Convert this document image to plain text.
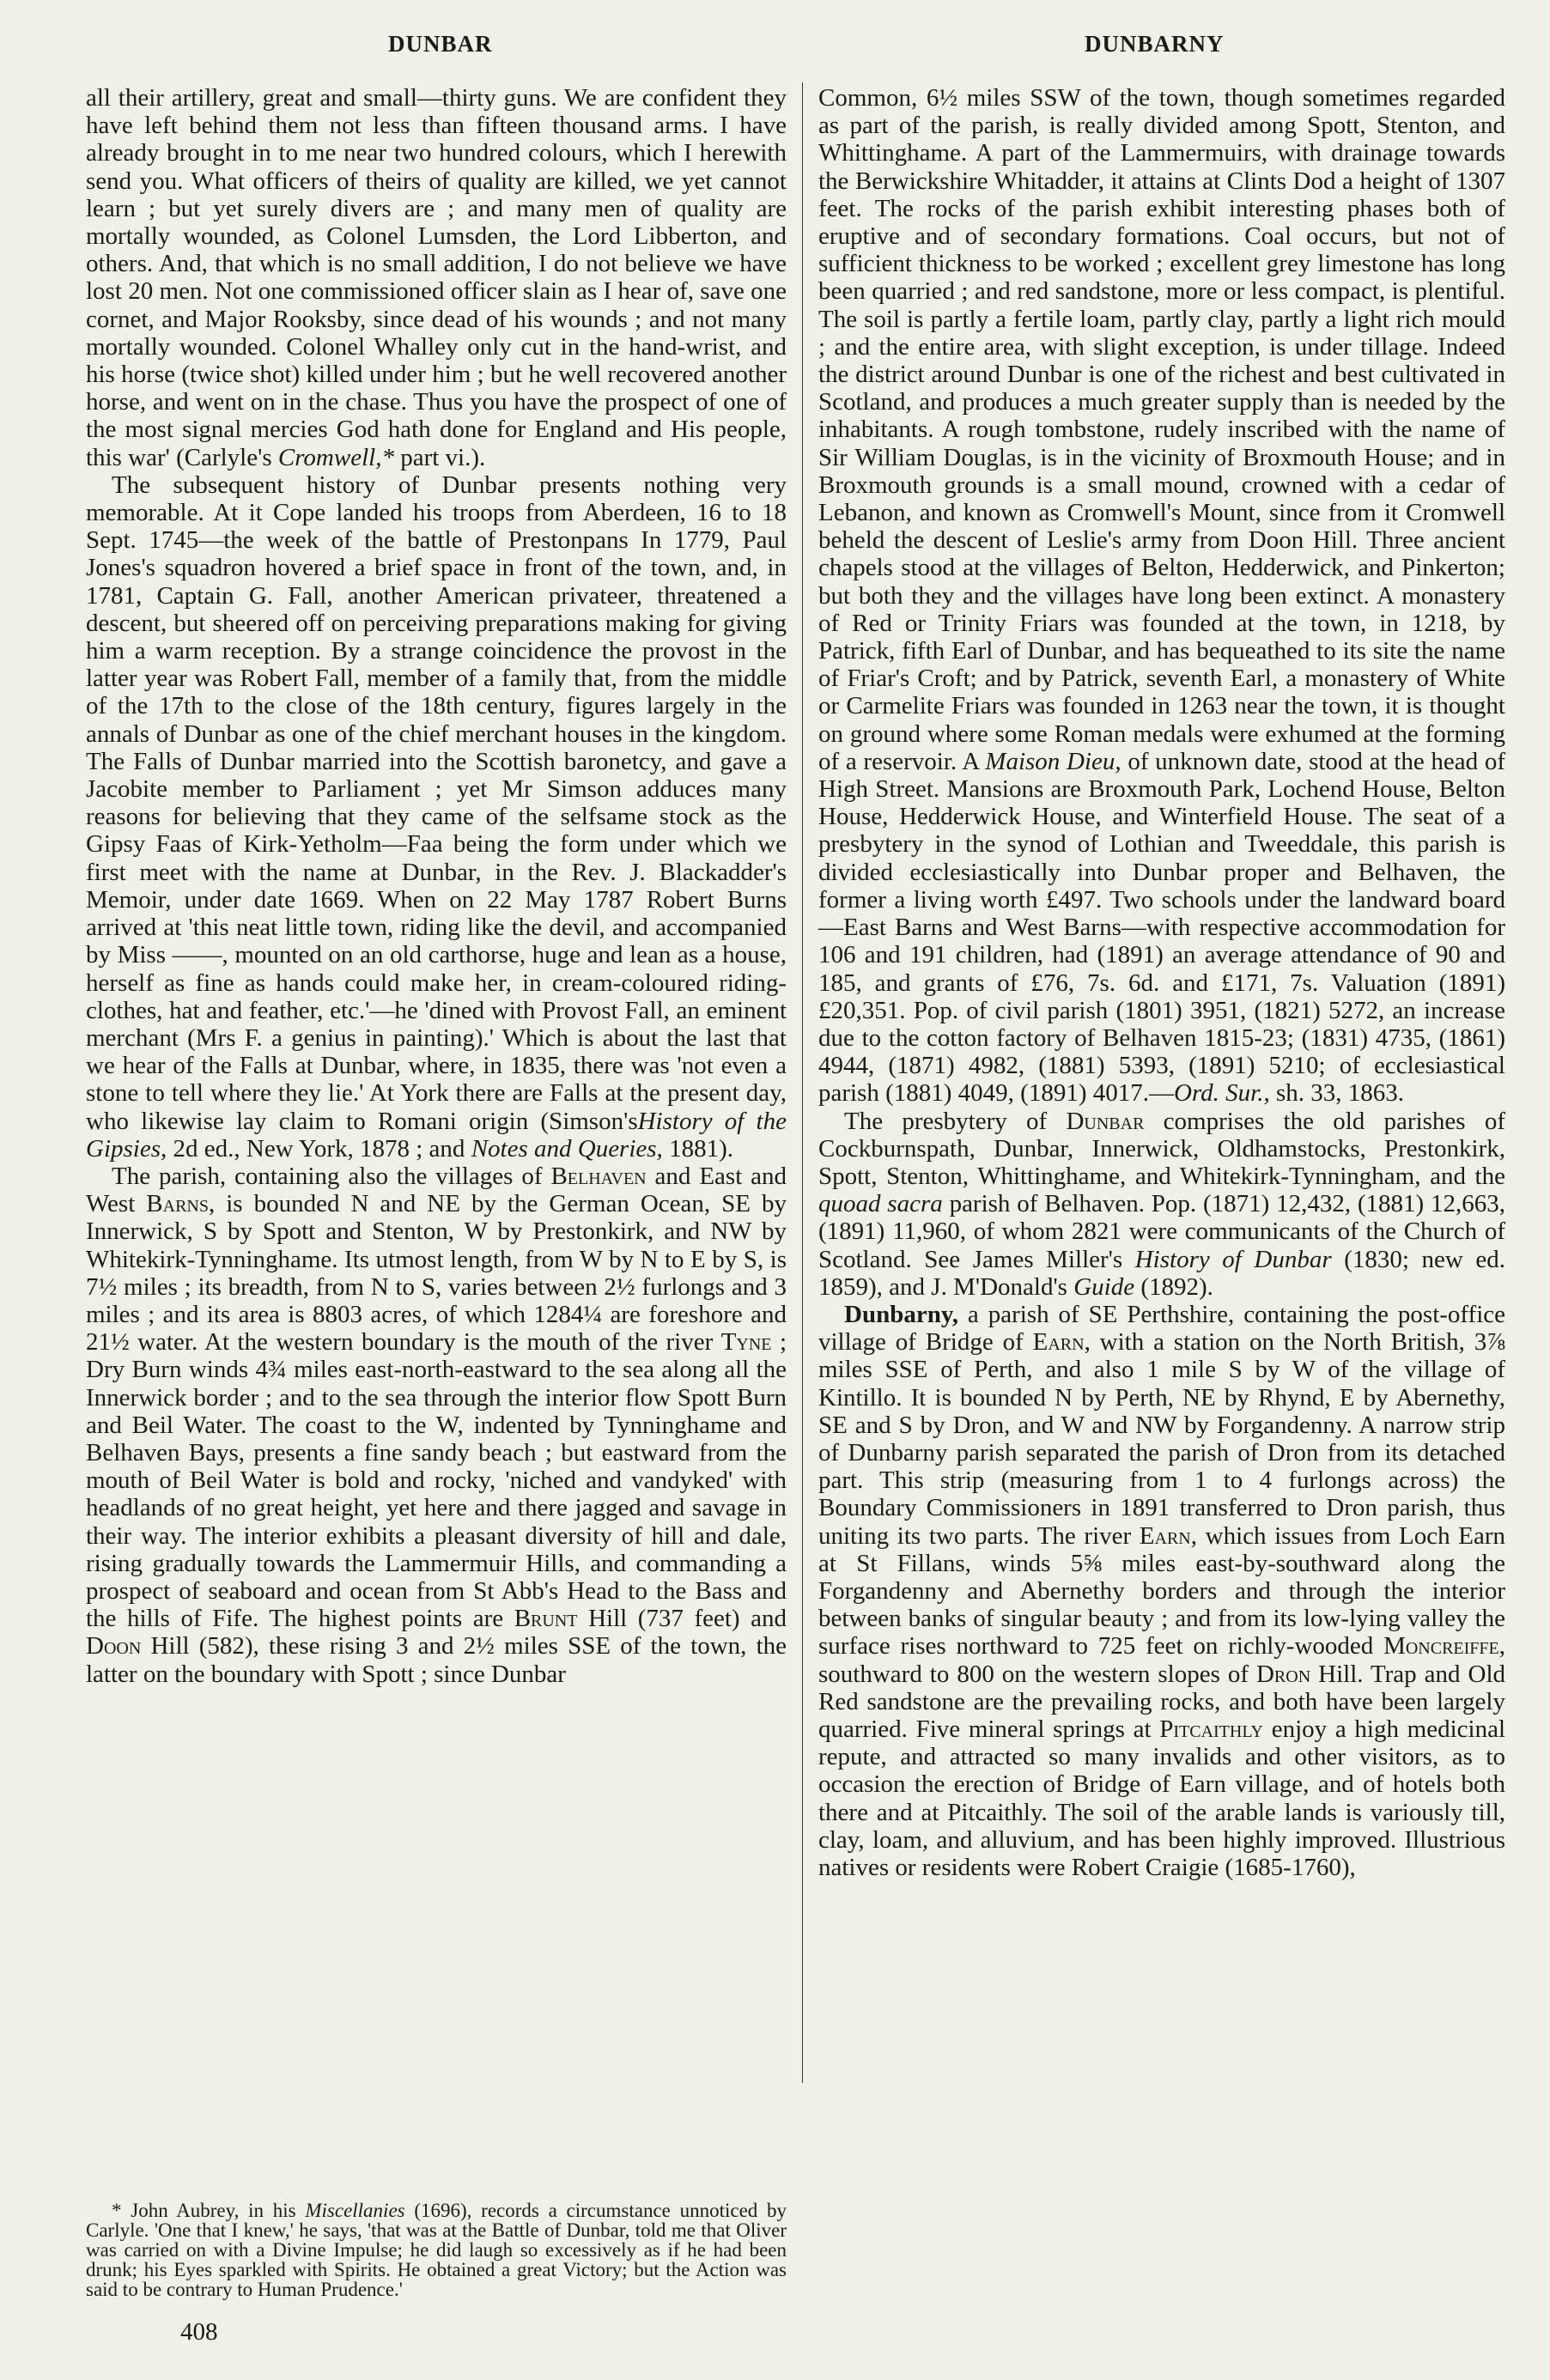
DUNBAR	DUNBARNY

all their artillery, great and small—thirty guns. We are confident they have left behind them not less than fifteen thousand arms. I have already brought in to me near two hundred colours, which I herewith send you. What officers of theirs of quality are killed, we yet cannot learn ; but yet surely divers are ; and many men of quality are mortally wounded, as Colonel Lumsden, the Lord Libberton, and others. And, that which is no small addition, I do not believe we have lost 20 men. Not one commissioned officer slain as I hear of, save one cornet, and Major Rooksby, since dead of his wounds ; and not many mortally wounded. Colonel Whalley only cut in the hand-wrist, and his horse (twice shot) killed under him ; but he well recovered another horse, and went on in the chase. Thus you have the prospect of one of the most signal mercies God hath done for England and His people, this war' (Carlyle's Cromwell,* part vi.).

The subsequent history of Dunbar presents nothing very memorable. At it Cope landed his troops from Aberdeen, 16 to 18 Sept. 1745—the week of the battle of Prestonpans In 1779, Paul Jones's squadron hovered a brief space in front of the town, and, in 1781, Captain G. Fall, another American privateer, threatened a descent, but sheered off on perceiving preparations making for giving him a warm reception. By a strange coincidence the provost in the latter year was Robert Fall, member of a family that, from the middle of the 17th to the close of the 18th century, figures largely in the annals of Dunbar as one of the chief merchant houses in the kingdom. The Falls of Dunbar married into the Scottish baronetcy, and gave a Jacobite member to Parliament ; yet Mr Simson adduces many reasons for believing that they came of the selfsame stock as the Gipsy Faas of Kirk-Yetholm—Faa being the form under which we first meet with the name at Dunbar, in the Rev. J. Blackadder's Memoir, under date 1669. When on 22 May 1787 Robert Burns arrived at 'this neat little town, riding like the devil, and accompanied by Miss ——, mounted on an old carthorse, huge and lean as a house, herself as fine as hands could make her, in cream-coloured riding-clothes, hat and feather, etc.'—he 'dined with Provost Fall, an eminent merchant (Mrs F. a genius in painting).' Which is about the last that we hear of the Falls at Dunbar, where, in 1835, there was 'not even a stone to tell where they lie.' At York there are Falls at the present day, who likewise lay claim to Romani origin (Simson'sHistory of the Gipsies, 2d ed., New York, 1878 ; and Notes and Queries, 1881).

The parish, containing also the villages of Belhaven and East and West Barns, is bounded N and NE by the German Ocean, SE by Innerwick, S by Spott and Stenton, W by Prestonkirk, and NW by Whitekirk-Tynninghame. Its utmost length, from W by N to E by S, is 7½ miles ; its breadth, from N to S, varies between 2½ furlongs and 3 miles ; and its area is 8803 acres, of which 1284¼ are foreshore and 21½ water. At the western boundary is the mouth of the river Tyne ; Dry Burn winds 4¾ miles east-north-eastward to the sea along all the Innerwick border ; and to the sea through the interior flow Spott Burn and Beil Water. The coast to the W, indented by Tynninghame and Belhaven Bays, presents a fine sandy beach ; but eastward from the mouth of Beil Water is bold and rocky, 'niched and vandyked' with headlands of no great height, yet here and there jagged and savage in their way. The interior exhibits a pleasant diversity of hill and dale, rising gradually towards the Lammermuir Hills, and commanding a prospect of seaboard and ocean from St Abb's Head to the Bass and the hills of Fife. The highest points are Brunt Hill (737 feet) and Doon Hill (582), these rising 3 and 2½ miles SSE of the town, the latter on the boundary with Spott ; since Dunbar

Common, 6½ miles SSW of the town, though sometimes regarded as part of the parish, is really divided among Spott, Stenton, and Whittinghame. A part of the Lammermuirs, with drainage towards the Berwickshire Whitadder, it attains at Clints Dod a height of 1307 feet. The rocks of the parish exhibit interesting phases both of eruptive and of secondary formations. Coal occurs, but not of sufficient thickness to be worked ; excellent grey limestone has long been quarried ; and red sandstone, more or less compact, is plentiful. The soil is partly a fertile loam, partly clay, partly a light rich mould ; and the entire area, with slight exception, is under tillage. Indeed the district around Dunbar is one of the richest and best cultivated in Scotland, and produces a much greater supply than is needed by the inhabitants. A rough tombstone, rudely inscribed with the name of Sir William Douglas, is in the vicinity of Broxmouth House; and in Broxmouth grounds is a small mound, crowned with a cedar of Lebanon, and known as Cromwell's Mount, since from it Cromwell beheld the descent of Leslie's army from Doon Hill. Three ancient chapels stood at the villages of Belton, Hedderwick, and Pinkerton; but both they and the villages have long been extinct. A monastery of Red or Trinity Friars was founded at the town, in 1218, by Patrick, fifth Earl of Dunbar, and has bequeathed to its site the name of Friar's Croft; and by Patrick, seventh Earl, a monastery of White or Carmelite Friars was founded in 1263 near the town, it is thought on ground where some Roman medals were exhumed at the forming of a reservoir. A Maison Dieu, of unknown date, stood at the head of High Street. Mansions are Broxmouth Park, Lochend House, Belton House, Hedderwick House, and Winterfield House. The seat of a presbytery in the synod of Lothian and Tweeddale, this parish is divided ecclesiastically into Dunbar proper and Belhaven, the former a living worth £497. Two schools under the landward board—East Barns and West Barns—with respective accommodation for 106 and 191 children, had (1891) an average attendance of 90 and 185, and grants of £76, 7s. 6d. and £171, 7s. Valuation (1891) £20,351. Pop. of civil parish (1801) 3951, (1821) 5272, an increase due to the cotton factory of Belhaven 1815-23; (1831) 4735, (1861) 4944, (1871) 4982, (1881) 5393, (1891) 5210; of ecclesiastical parish (1881) 4049, (1891) 4017.—Ord. Sur., sh. 33, 1863.

The presbytery of Dunbar comprises the old parishes of Cockburnspath, Dunbar, Innerwick, Oldhamstocks, Prestonkirk, Spott, Stenton, Whittinghame, and Whitekirk-Tynningham, and the quoad sacra parish of Belhaven. Pop. (1871) 12,432, (1881) 12,663, (1891) 11,960, of whom 2821 were communicants of the Church of Scotland. See James Miller's History of Dunbar (1830; new ed. 1859), and J. M'Donald's Guide (1892).

Dunbarny, a parish of SE Perthshire, containing the post-office village of Bridge of Earn, with a station on the North British, 3⅞ miles SSE of Perth, and also 1 mile S by W of the village of Kintillo. It is bounded N by Perth, NE by Rhynd, E by Abernethy, SE and S by Dron, and W and NW by Forgandenny. A narrow strip of Dunbarny parish separated the parish of Dron from its detached part. This strip (measuring from 1 to 4 furlongs across) the Boundary Commissioners in 1891 transferred to Dron parish, thus uniting its two parts. The river Earn, which issues from Loch Earn at St Fillans, winds 5⅝ miles east-by-southward along the Forgandenny and Abernethy borders and through the interior between banks of singular beauty ; and from its low-lying valley the surface rises northward to 725 feet on richly-wooded Moncreiffe, southward to 800 on the western slopes of Dron Hill. Trap and Old Red sandstone are the prevailing rocks, and both have been largely quarried. Five mineral springs at Pitcaithly enjoy a high medicinal repute, and attracted so many invalids and other visitors, as to occasion the erection of Bridge of Earn village, and of hotels both there and at Pitcaithly. The soil of the arable lands is variously till, clay, loam, and alluvium, and has been highly improved. Illustrious natives or residents were Robert Craigie (1685-1760),

* John Aubrey, in his Miscellanies (1696), records a circumstance unnoticed by Carlyle. 'One that I knew,' he says, 'that was at the Battle of Dunbar, told me that Oliver was carried on with a Divine Impulse; he did laugh so excessively as if he had been drunk; his Eyes sparkled with Spirits. He obtained a great Victory; but the Action was said to be contrary to Human Prudence.'

408
